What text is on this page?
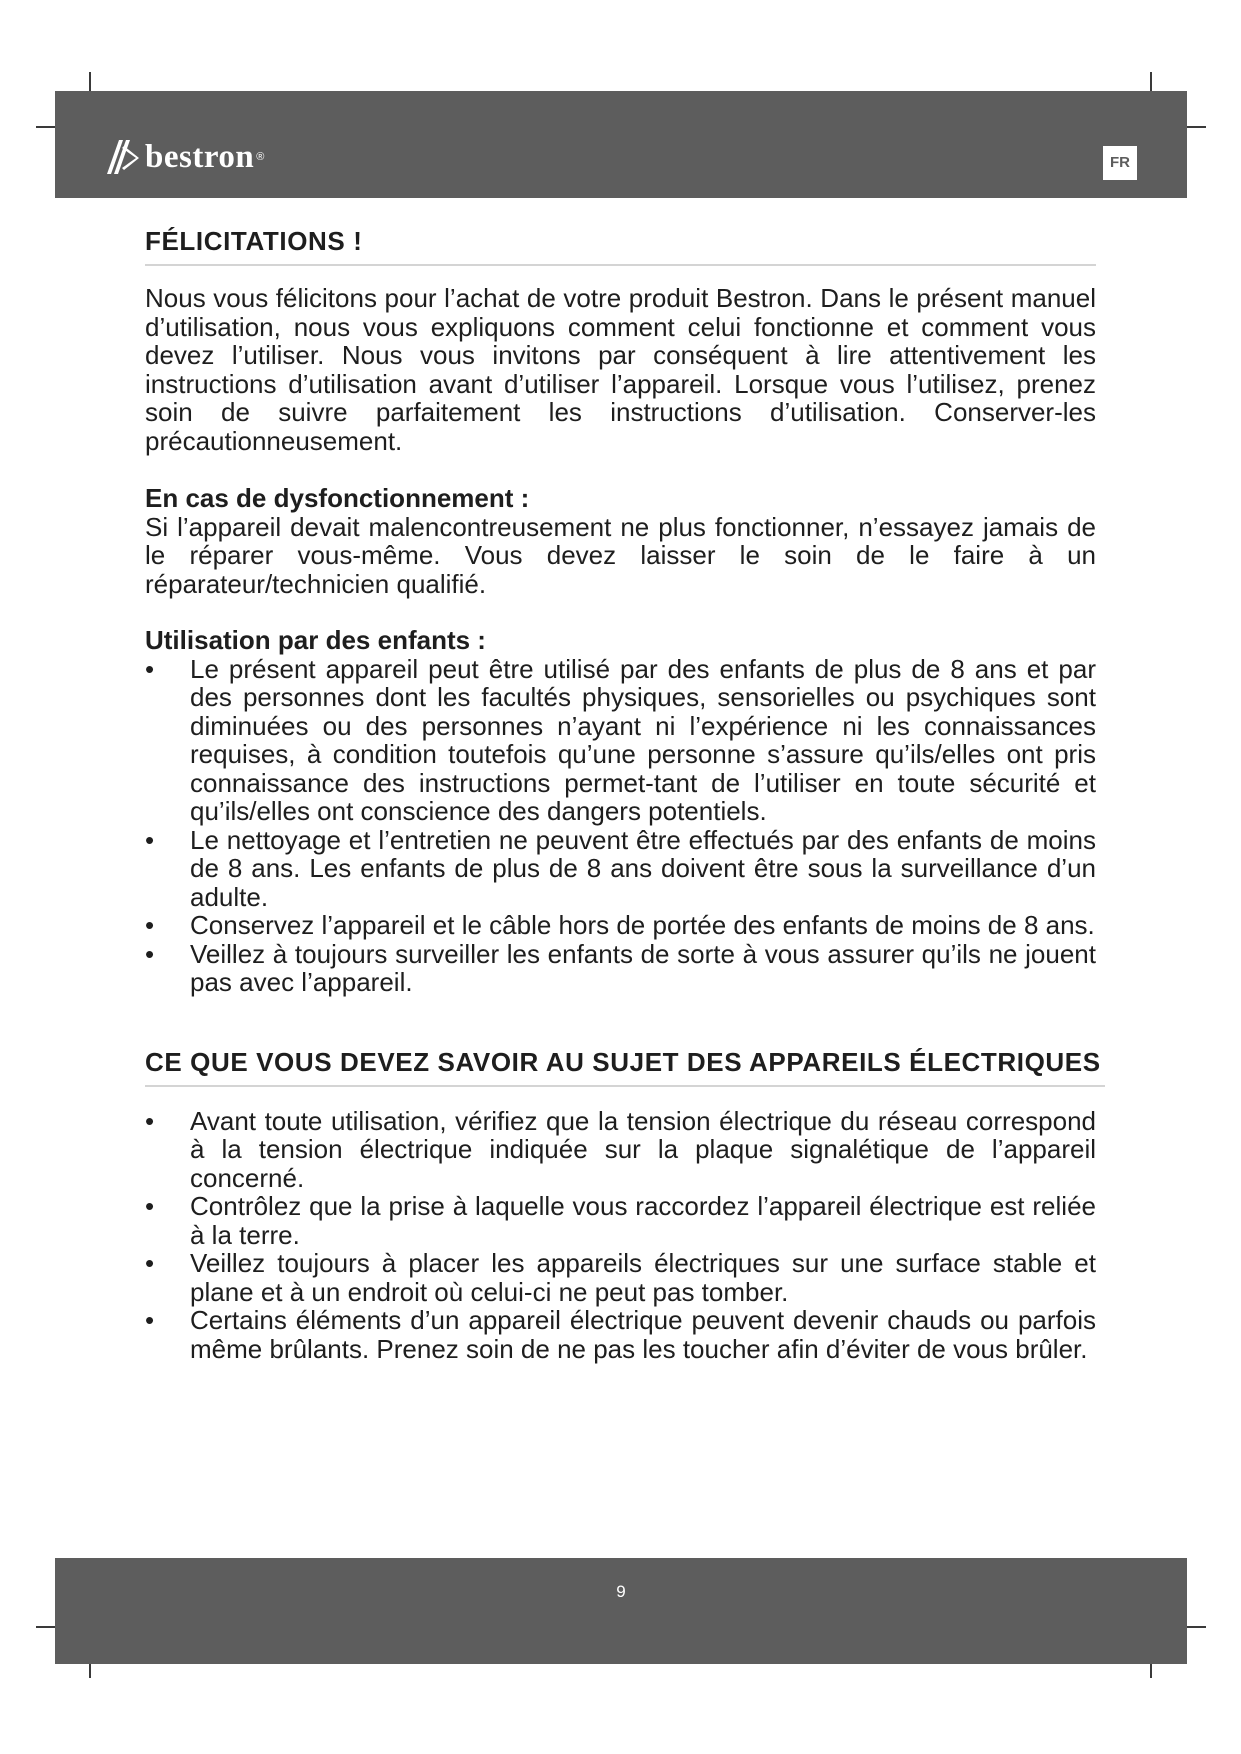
bestron ®	FR
FÉLICITATIONS !

Nous vous félicitons pour l’achat de votre produit Bestron. Dans le présent manuel d’utilisation, nous vous expliquons comment celui fonctionne et comment vous devez l’utiliser. Nous vous invitons par conséquent à lire attentivement les instructions d’utilisation avant d’utiliser l’appareil. Lorsque vous l’utilisez, prenez soin de suivre parfaitement les instructions d’utilisation. Conserver-les précautionneusement.

En cas de dysfonctionnement :

Si l’appareil devait malencontreusement ne plus fonctionner, n’essayez jamais de le réparer vous-même. Vous devez laisser le soin de le faire à un réparateur/technicien qualifié.

Utilisation par des enfants :

• Le présent appareil peut être utilisé par des enfants de plus de 8 ans et par des personnes dont les facultés physiques, sensorielles ou psychiques sont diminuées ou des personnes n’ayant ni l’expérience ni les connaissances requises, à condition toutefois qu’une personne s’assure qu’ils/elles ont pris connaissance des instructions permet-tant de l’utiliser en toute sécurité et qu’ils/elles ont conscience des dangers potentiels.
• Le nettoyage et l’entretien ne peuvent être effectués par des enfants de moins de 8 ans. Les enfants de plus de 8 ans doivent être sous la surveillance d’un adulte.
• Conservez l’appareil et le câble hors de portée des enfants de moins de 8 ans.
• Veillez à toujours surveiller les enfants de sorte à vous assurer qu’ils ne jouent pas avec l’appareil.
CE QUE VOUS DEVEZ SAVOIR AU SUJET DES APPAREILS ÉLECTRIQUES
• Avant toute utilisation, vérifiez que la tension électrique du réseau correspond à la tension électrique indiquée sur la plaque signalétique de l’appareil concerné.
• Contrôlez que la prise à laquelle vous raccordez l’appareil électrique est reliée à la terre.
• Veillez toujours à placer les appareils électriques sur une surface stable et plane et à un endroit où celui-ci ne peut pas tomber.
• Certains éléments d’un appareil électrique peuvent devenir chauds ou parfois même brûlants. Prenez soin de ne pas les toucher afin d’éviter de vous brûler.
9
